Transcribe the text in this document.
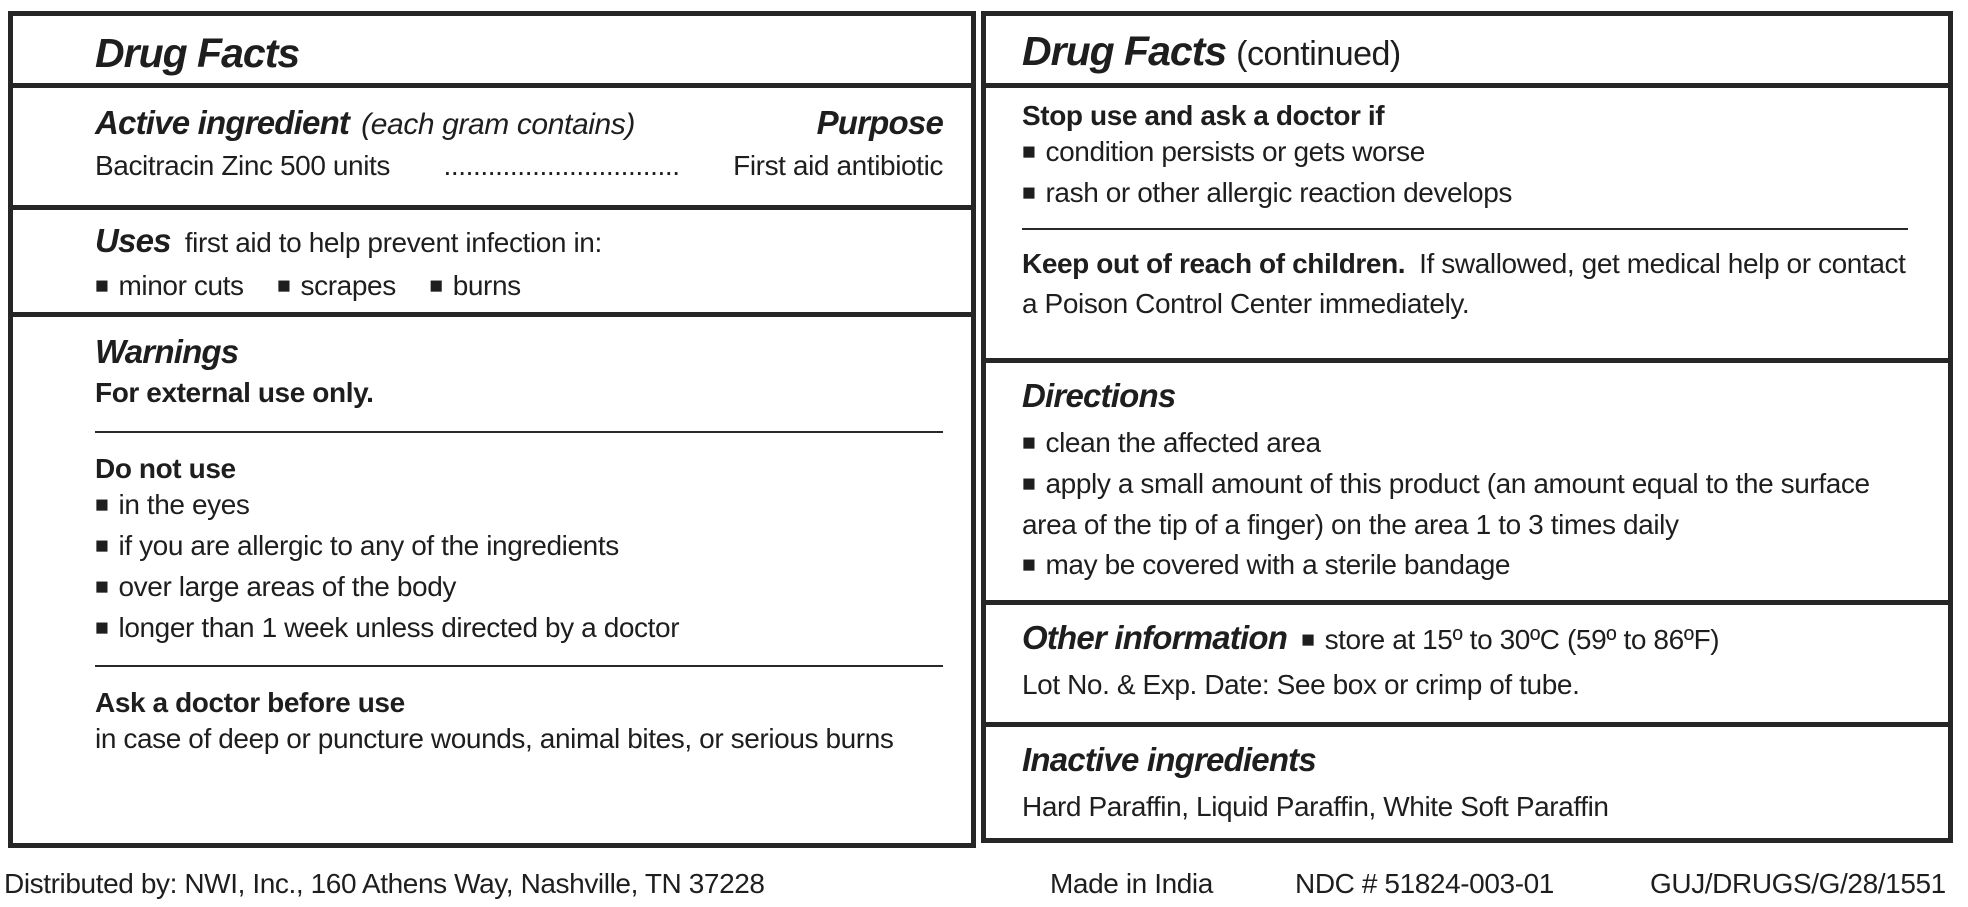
Drug Facts
Active ingredient (each gram contains)	Purpose
Bacitracin Zinc 500 units	................................	First aid antibiotic

Uses first aid to help prevent infection in:

■ minor cuts ■ scrapes ■ burns

Warnings

For external use only.

Do not use

■ in the eyes

■ if you are allergic to any of the ingredients

■ over large areas of the body

■ longer than 1 week unless directed by a doctor

Ask a doctor before use

in case of deep or puncture wounds, animal bites, or serious burns

Drug Facts (continued)

Stop use and ask a doctor if

■ condition persists or gets worse

■ rash or other allergic reaction develops

Keep out of reach of children. If swallowed, get medical help or contact a Poison Control Center immediately.

Directions

■ clean the affected area

■ apply a small amount of this product (an amount equal to the surface area of the tip of a finger) on the area 1 to 3 times daily

■ may be covered with a sterile bandage

Other information ■ store at 15º to 30ºC (59º to 86ºF)

Lot No. & Exp. Date: See box or crimp of tube.

Inactive ingredients

Hard Paraffin, Liquid Paraffin, White Soft Paraffin

Distributed by: NWI, Inc., 160 Athens Way, Nashville, TN 37228	Made in India	NDC # 51824-003-01	GUJ/DRUGS/G/28/1551
